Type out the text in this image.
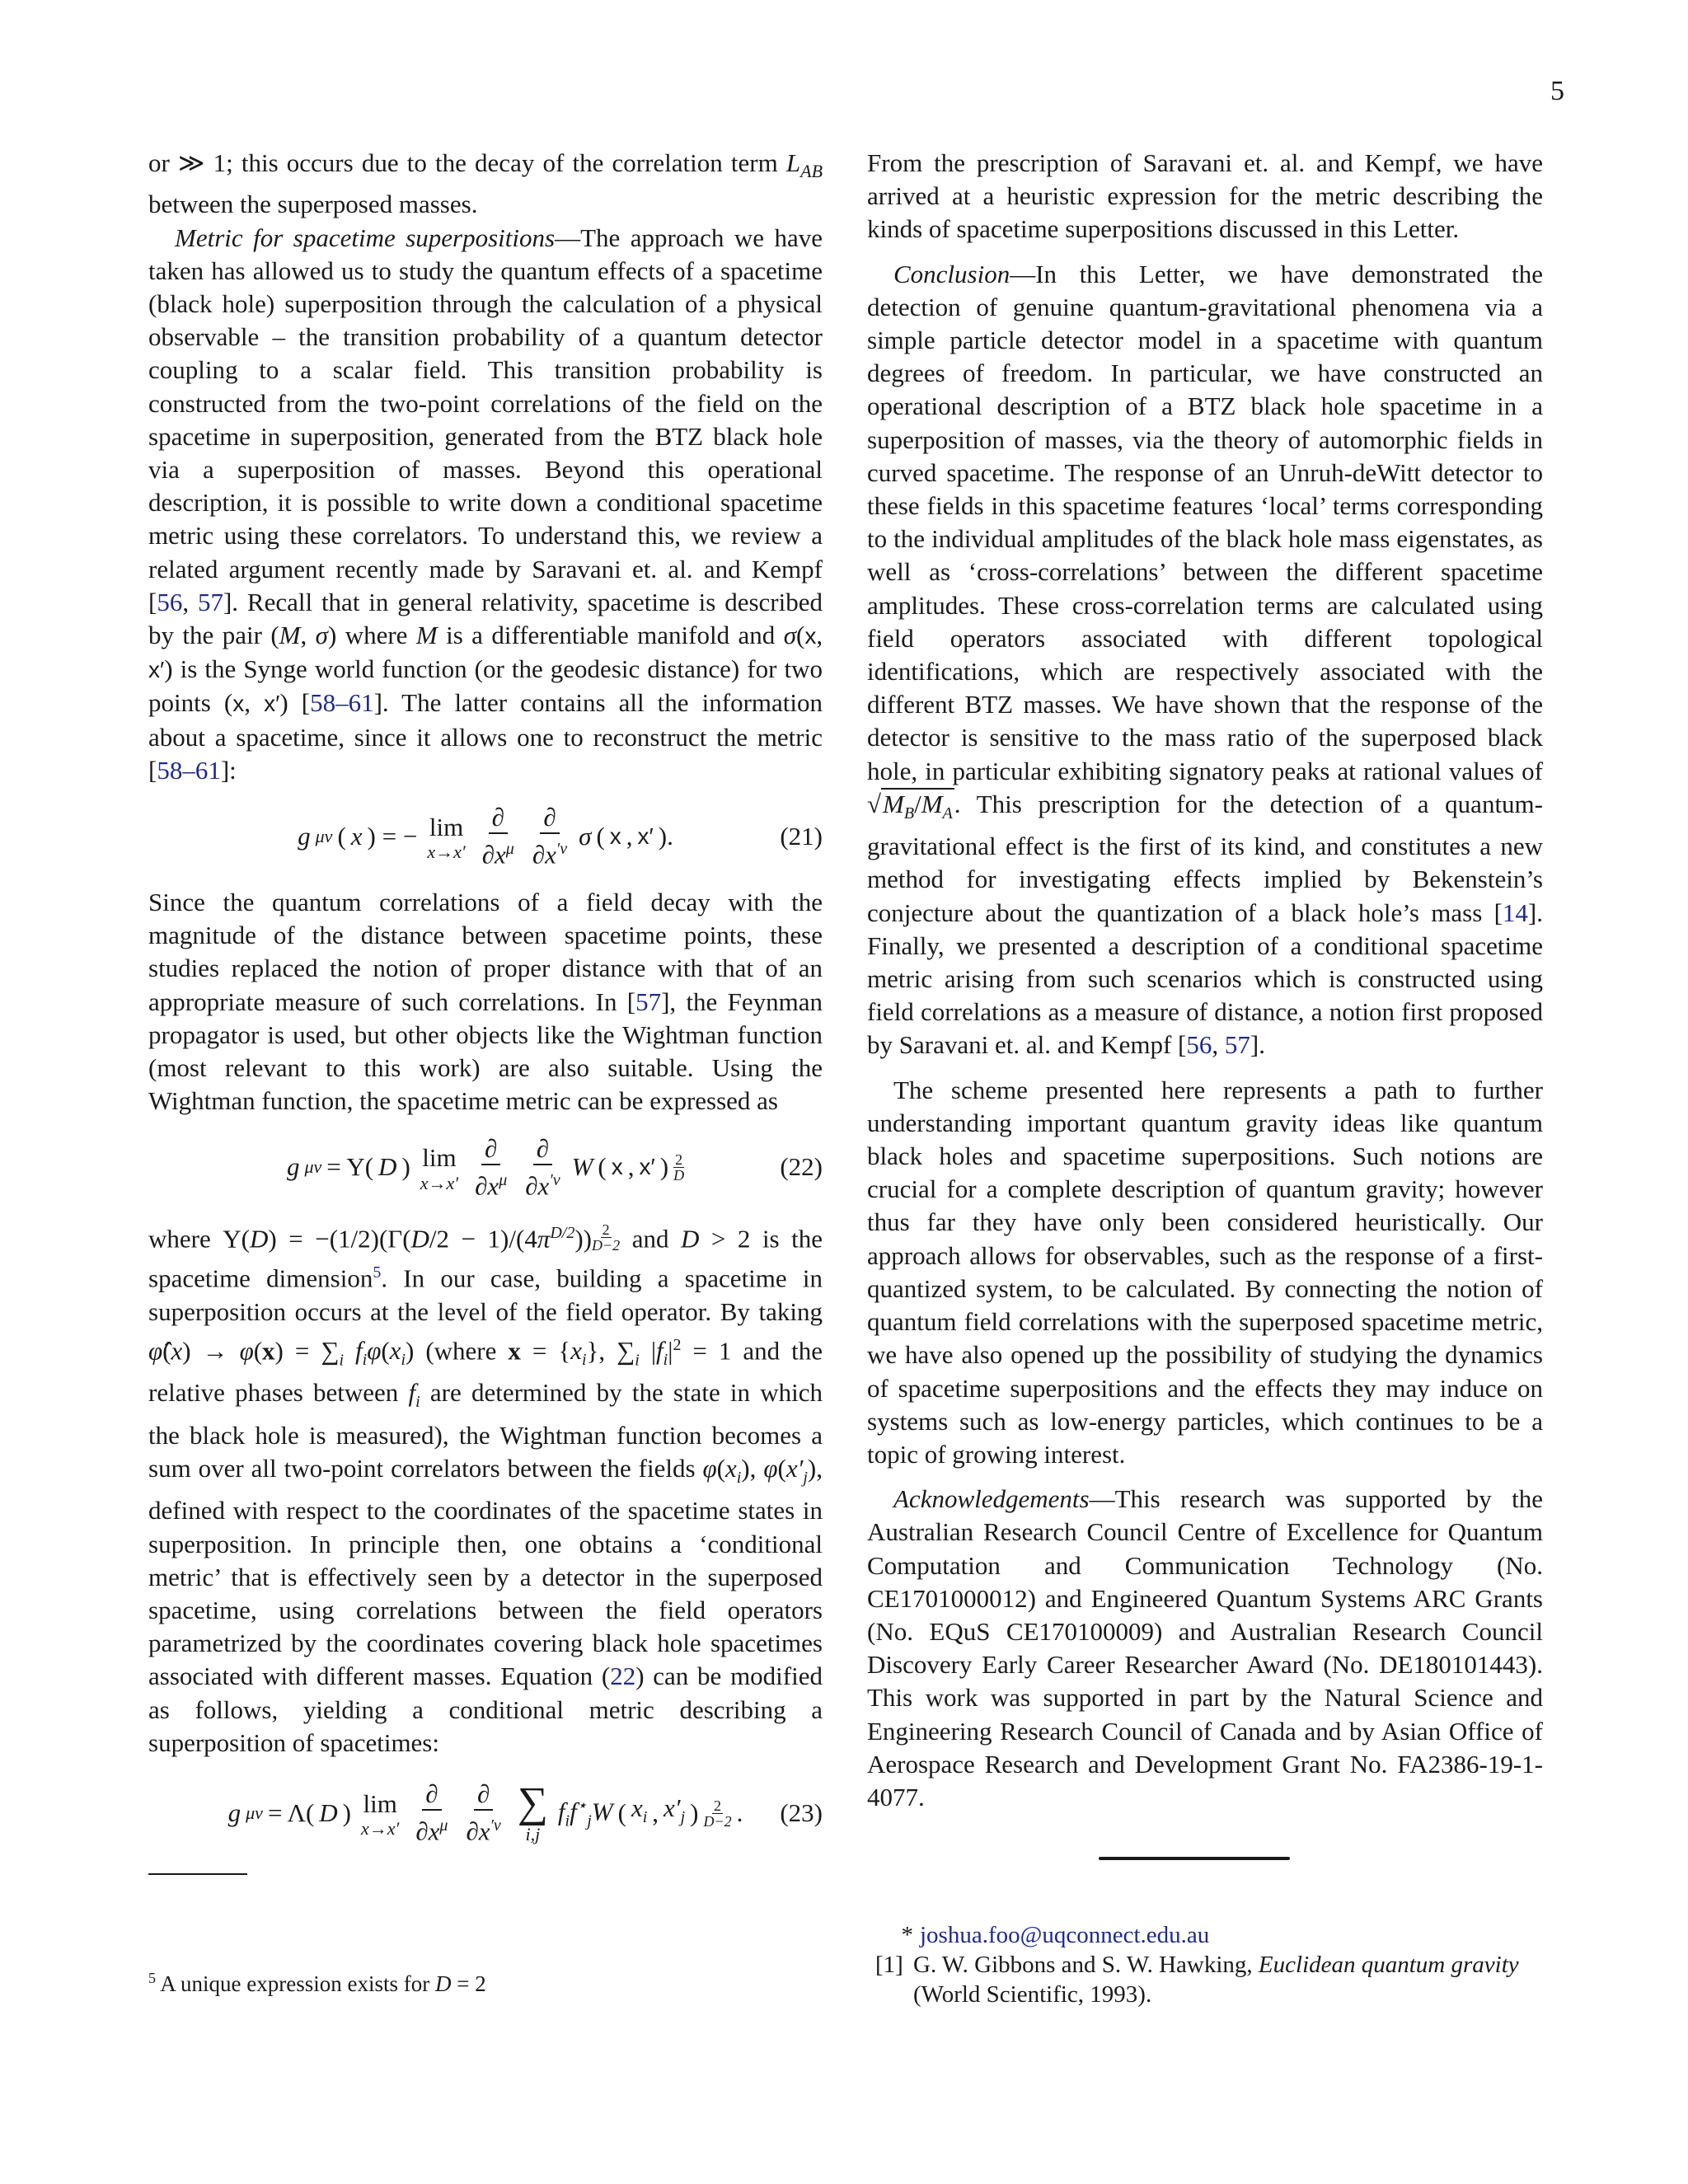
5

or ≫ 1; this occurs due to the decay of the correlation term $L_{AB}$ between the superposed masses.

Metric for spacetime superpositions—The approach we have taken has allowed us to study the quantum effects of a spacetime (black hole) superposition through the calculation of a physical observable – the transition probability of a quantum detector coupling to a scalar field. This transition probability is constructed from the two-point correlations of the field on the spacetime in superposition, generated from the BTZ black hole via a superposition of masses. Beyond this operational description, it is possible to write down a conditional spacetime metric using these correlators. To understand this, we review a related argument recently made by Saravani et. al. and Kempf [56, 57]. Recall that in general relativity, spacetime is described by the pair (M, σ) where M is a differentiable manifold and σ(x, x′) is the Synge world function (or the geodesic distance) for two points (x, x′) [58–61]. The latter contains all the information about a spacetime, since it allows one to reconstruct the metric [58–61]:

g μν ( x ) = − lim
$x\to x' \frac{\partial}{\partial x^\mu} \frac{\partial}{\partial x^{'\nu}}$ σ ( x , x′ ).	(21)

Since the quantum correlations of a field decay with the magnitude of the distance between spacetime points, these studies replaced the notion of proper distance with that of an appropriate measure of such correlations. In [57], the Feynman propagator is used, but other objects like the Wightman function (most relevant to this work) are also suitable. Using the Wightman function, the spacetime metric can be expressed as

g μν = Υ( D ) lim
$x\to x' \frac{\partial}{\partial x^\mu} \frac{\partial}{\partial x^{'\nu}}$ W ( x , x′ ) 2
D	(22)

where $\Upsilon(D) = -(1/2)(\Gamma(D/2 - 1)/(4\pi^{D/2})) \frac{2}{D-2}$ and D > 2 is the spacetime dimension$^5$. In our case, building a spacetime in superposition occurs at the level of the field operator. By taking φ̂(x) → $\varphi(x) = \sum_i$ $f_i\varphi(x_i)$ (where $x = \{x_i\}$, $\sum_i$ $|f_i|^2 = 1$ and the relative phases between $f_i$ are determined by the state in which the black hole is measured), the Wightman function becomes a sum over all two-point correlators between the fields $\varphi(x_i)$, $\varphi(x'_j)$, defined with respect to the coordinates of the spacetime states in superposition. In principle then, one obtains a ‘conditional metric’ that is effectively seen by a detector in the superposed spacetime, using correlations between the field operators parametrized by the coordinates covering black hole spacetimes associated with different masses. Equation (22) can be modified as follows, yielding a conditional metric describing a superposition of spacetimes:

g μν = Λ( D ) lim
$x\to x' \frac{\partial}{\partial x^\mu} \frac{\partial}{\partial x^{'\nu}}$ ∑
i,j
$f_if^⋆_jW$ ( $x_i$ , $x'_j$ ) 2
D−2 . (23)

From the prescription of Saravani et. al. and Kempf, we have arrived at a heuristic expression for the metric describing the kinds of spacetime superpositions discussed in this Letter.

Conclusion—In this Letter, we have demonstrated the detection of genuine quantum-gravitational phenomena via a simple particle detector model in a spacetime with quantum degrees of freedom. In particular, we have constructed an operational description of a BTZ black hole spacetime in a superposition of masses, via the theory of automorphic fields in curved spacetime. The response of an Unruh-deWitt detector to these fields in this spacetime features ‘local’ terms corresponding to the individual amplitudes of the black hole mass eigenstates, as well as ‘cross-correlations’ between the different spacetime amplitudes. These cross-correlation terms are calculated using field operators associated with different topological identifications, which are respectively associated with the different BTZ masses. We have shown that the response of the detector is sensitive to the mass ratio of the superposed black hole, in particular exhibiting signatory peaks at rational values of $√M_B/M_A$. This prescription for the detection of a quantum-gravitational effect is the first of its kind, and constitutes a new method for investigating effects implied by Bekenstein’s conjecture about the quantization of a black hole’s mass [14]. Finally, we presented a description of a conditional spacetime metric arising from such scenarios which is constructed using field correlations as a measure of distance, a notion first proposed by Saravani et. al. and Kempf [56, 57].

The scheme presented here represents a path to further understanding important quantum gravity ideas like quantum black holes and spacetime superpositions. Such notions are crucial for a complete description of quantum gravity; however thus far they have only been considered heuristically. Our approach allows for observables, such as the response of a first-quantized system, to be calculated. By connecting the notion of quantum field correlations with the superposed spacetime metric, we have also opened up the possibility of studying the dynamics of spacetime superpositions and the effects they may induce on systems such as low-energy particles, which continues to be a topic of growing interest.

Acknowledgements—This research was supported by the Australian Research Council Centre of Excellence for Quantum Computation and Communication Technology (No. CE1701000012) and Engineered Quantum Systems ARC Grants (No. EQuS CE170100009) and Australian Research Council Discovery Early Career Researcher Award (No. DE180101443). This work was supported in part by the Natural Science and Engineering Research Council of Canada and by Asian Office of Aerospace Research and Development Grant No. FA2386-19-1-4077.

$^5$ A unique expression exists for D = 2
* joshua.foo@uqconnect.edu.au
[1] G. W. Gibbons and S. W. Hawking, Euclidean quantum gravity
(World Scientific, 1993).
